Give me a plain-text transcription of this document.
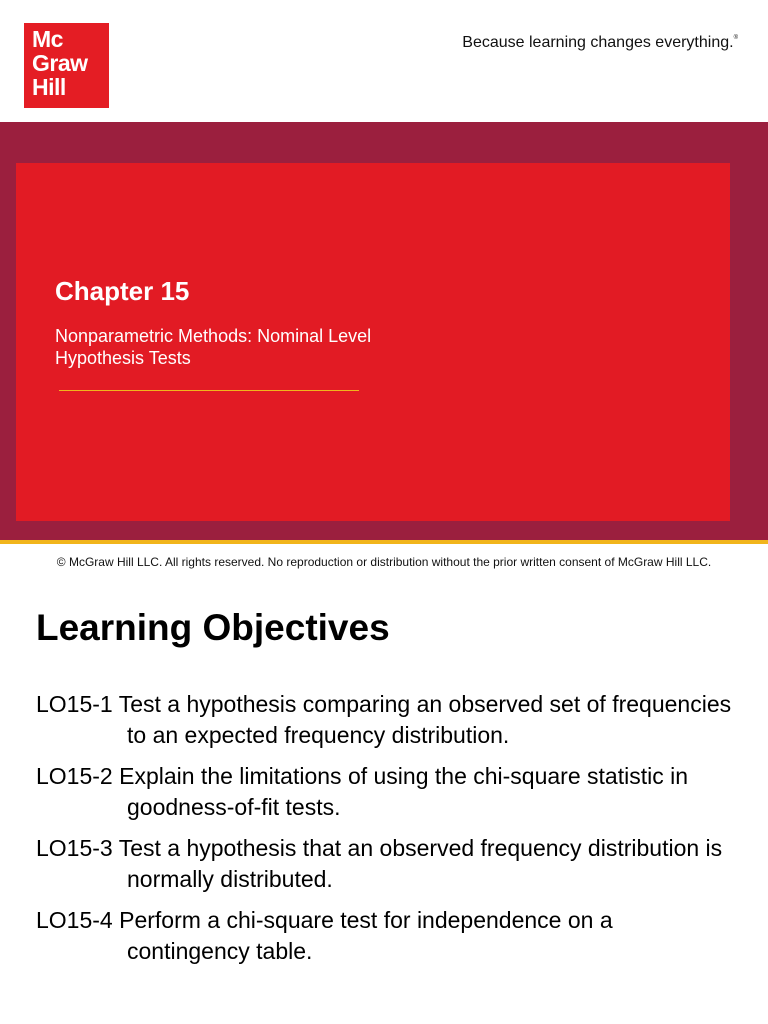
Mc
Graw
Hill
Because learning changes everything.®
Chapter 15
Nonparametric Methods: Nominal Level Hypothesis Tests
© McGraw Hill LLC. All rights reserved. No reproduction or distribution without the prior written consent of McGraw Hill LLC.
Learning Objectives
LO15-1 Test a hypothesis comparing an observed set of frequencies to an expected frequency distribution.
LO15-2 Explain the limitations of using the chi-square statistic in goodness-of-fit tests.
LO15-3 Test a hypothesis that an observed frequency distribution is normally distributed.
LO15-4 Perform a chi-square test for independence on a contingency table.
